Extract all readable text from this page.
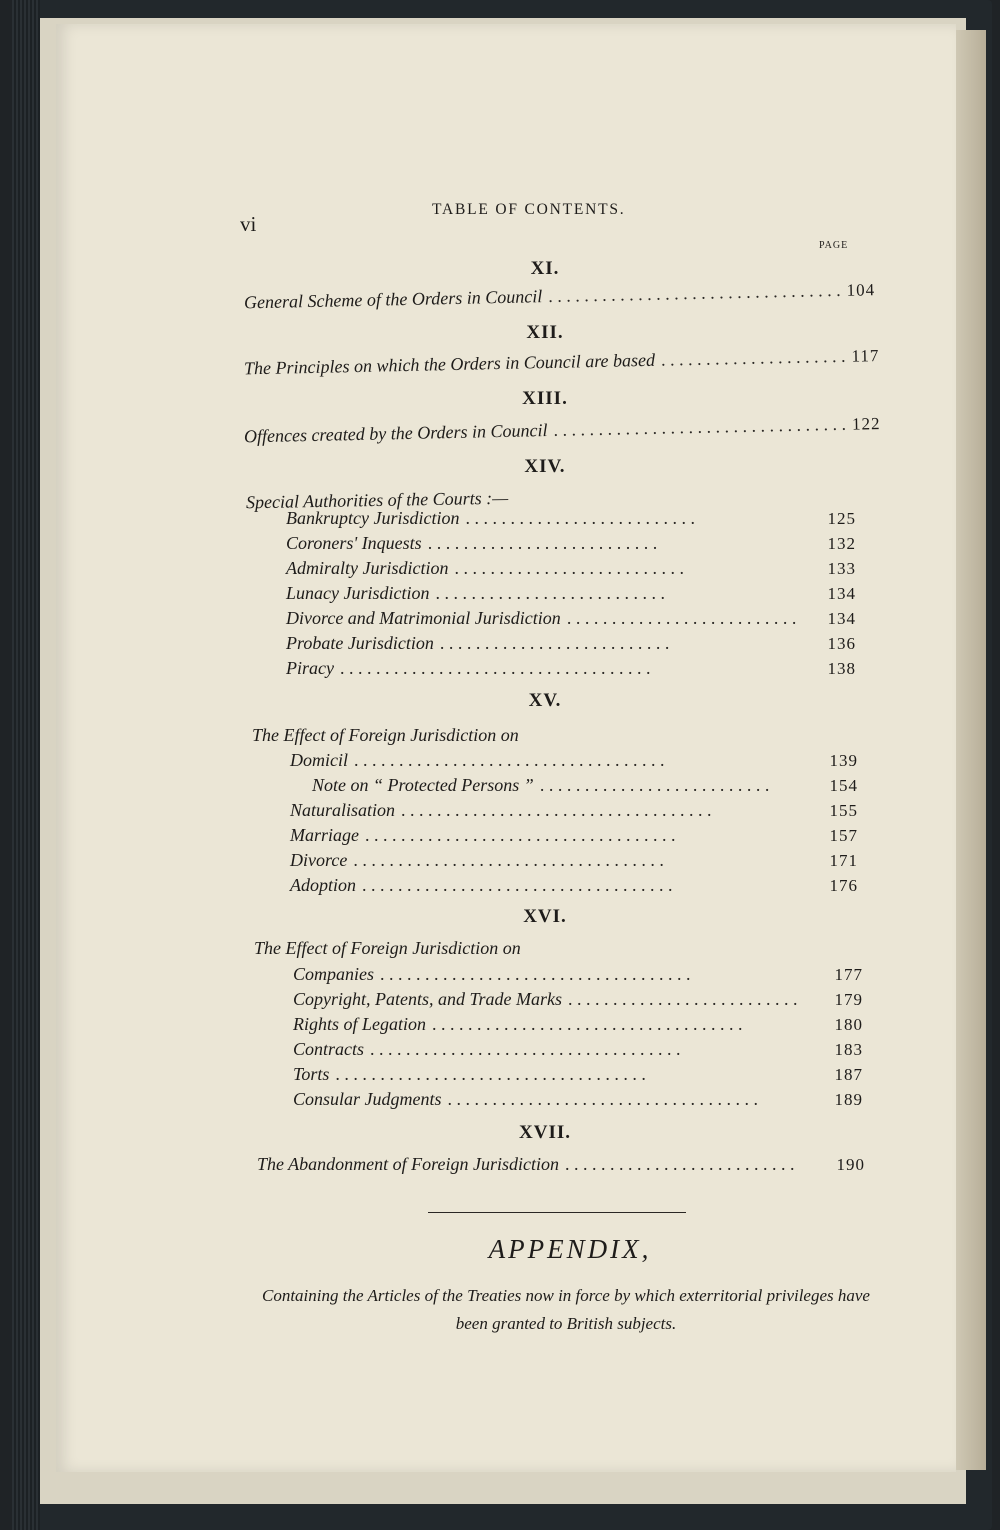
vi
TABLE OF CONTENTS.
PAGE
XI.
General Scheme of the Orders in Council . . . . . . . . . . . . . . . . . . . . . . . . . . . . . . . . . 104
XII.
The Principles on which the Orders in Council are based . . . . . . . . . . . . . . . . . . . . . 117
XIII.
Offences created by the Orders in Council . . . . . . . . . . . . . . . . . . . . . . . . . . . . . . . . . 122
XIV.
Special Authorities of the Courts :—
Bankruptcy Jurisdiction . . . . . . . . . . . . . . . . . . . . . . . . . .	125
Coroners' Inquests . . . . . . . . . . . . . . . . . . . . . . . . . .	132
Admiralty Jurisdiction . . . . . . . . . . . . . . . . . . . . . . . . . .	133
Lunacy Jurisdiction . . . . . . . . . . . . . . . . . . . . . . . . . .	134
Divorce and Matrimonial Jurisdiction . . . . . . . . . . . . . . . . . . . . . . . . . .	134
Probate Jurisdiction . . . . . . . . . . . . . . . . . . . . . . . . . .	136
Piracy . . . . . . . . . . . . . . . . . . . . . . . . . . . . . . . . . . .	138
XV.
The Effect of Foreign Jurisdiction on
Domicil . . . . . . . . . . . . . . . . . . . . . . . . . . . . . . . . . . .	139
Note on “ Protected Persons ” . . . . . . . . . . . . . . . . . . . . . . . . . .	154
Naturalisation . . . . . . . . . . . . . . . . . . . . . . . . . . . . . . . . . . .	155
Marriage . . . . . . . . . . . . . . . . . . . . . . . . . . . . . . . . . . .	157
Divorce . . . . . . . . . . . . . . . . . . . . . . . . . . . . . . . . . . .	171
Adoption . . . . . . . . . . . . . . . . . . . . . . . . . . . . . . . . . . .	176
XVI.
The Effect of Foreign Jurisdiction on
Companies . . . . . . . . . . . . . . . . . . . . . . . . . . . . . . . . . . .	177
Copyright, Patents, and Trade Marks . . . . . . . . . . . . . . . . . . . . . . . . . .	179
Rights of Legation . . . . . . . . . . . . . . . . . . . . . . . . . . . . . . . . . . .	180
Contracts . . . . . . . . . . . . . . . . . . . . . . . . . . . . . . . . . . .	183
Torts . . . . . . . . . . . . . . . . . . . . . . . . . . . . . . . . . . .	187
Consular Judgments . . . . . . . . . . . . . . . . . . . . . . . . . . . . . . . . . . .	189
XVII.
The Abandonment of Foreign Jurisdiction . . . . . . . . . . . . . . . . . . . . . . . . . .	190
APPENDIX,
Containing the Articles of the Treaties now in force by which exterritorial privileges have been granted to British subjects.
